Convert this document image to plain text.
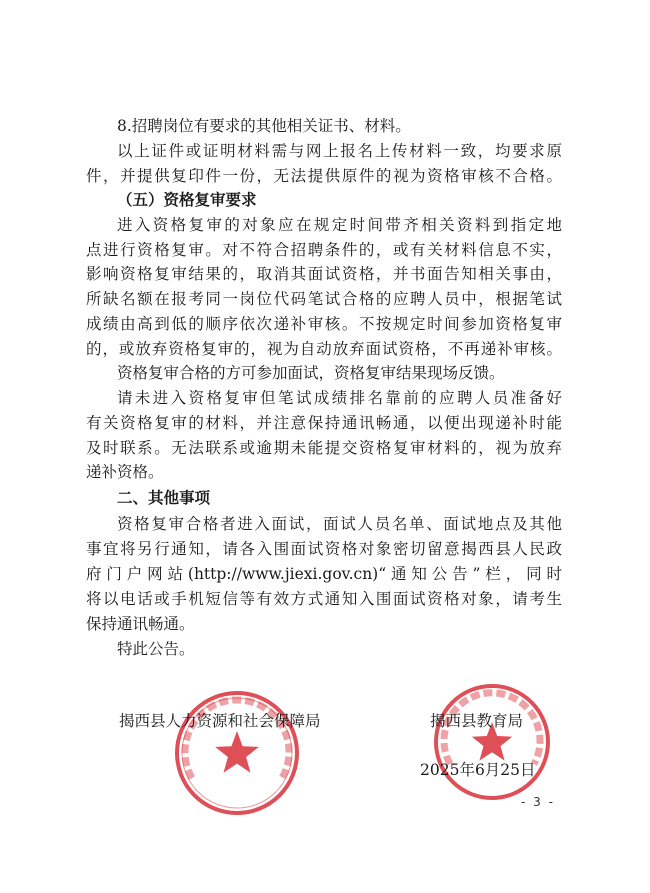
8.招聘岗位有要求的其他相关证书、材料。
以上证件或证明材料需与网上报名上传材料一致，均要求原
件，并提供复印件一份，无法提供原件的视为资格审核不合格。
（五）资格复审要求
进入资格复审的对象应在规定时间带齐相关资料到指定地
点进行资格复审。对不符合招聘条件的，或有关材料信息不实，
影响资格复审结果的，取消其面试资格，并书面告知相关事由，
所缺名额在报考同一岗位代码笔试合格的应聘人员中，根据笔试
成绩由高到低的顺序依次递补审核。不按规定时间参加资格复审
的，或放弃资格复审的，视为自动放弃面试资格，不再递补审核。
资格复审合格的方可参加面试，资格复审结果现场反馈。
请未进入资格复审但笔试成绩排名靠前的应聘人员准备好
有关资格复审的材料，并注意保持通讯畅通，以便出现递补时能
及时联系。无法联系或逾期未能提交资格复审材料的，视为放弃
递补资格。
二、其他事项
资格复审合格者进入面试，面试人员名单、面试地点及其他
事宜将另行通知，请各入围面试资格对象密切留意揭西县人民政
府门户网站(http://www.jiexi.gov.cn)“通知公告”栏，同时
将以电话或手机短信等有效方式通知入围面试资格对象，请考生
保持通讯畅通。
特此公告。
揭西县人力资源和社会保障局	揭西县教育局
2025年6月25日
- 3 -
